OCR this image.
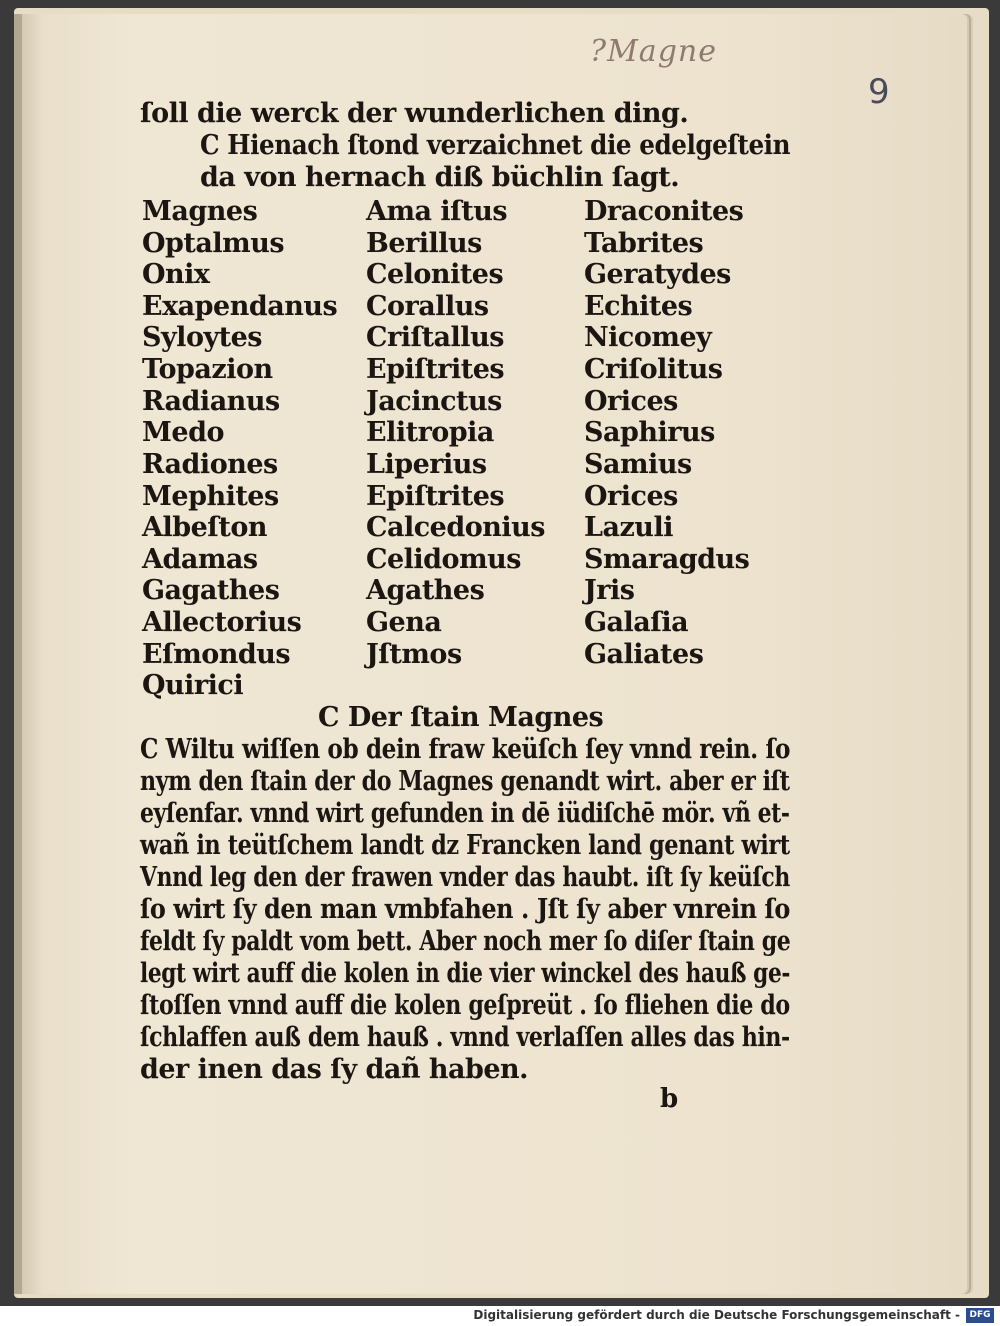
?Magne
9
ſoll die werck der wunderlichen ding.
C Hienach ſtond verzaichnet die edelgeſtein
da von hernach diß büchlin ſagt.
Magnes
Optalmus
Onix
Exapendanus
Syloytes
Topazion
Radianus
Medo
Radiones
Mephites
Albeſton
Adamas
Gagathes
Allectorius
Eſmondus
Quirici
Ama iſtus
Berillus
Celonites
Corallus
Criſtallus
Epiſtrites
Jacinctus
Elitropia
Liperius
Epiſtrites
Calcedonius
Celidomus
Agathes
Gena
Jſtmos
Draconites
Tabrites
Geratydes
Echites
Nicomey
Criſolitus
Orices
Saphirus
Samius
Orices
Lazuli
Smaragdus
Jris
Galaſia
Galiates
C Der ſtain Magnes
C Wiltu wiſſen ob dein fraw keüſch ſey vnnd rein. ſo
nym den ſtain der do Magnes genandt wirt. aber er iſt
eyſenfar. vnnd wirt gefunden in dē iüdiſchē mör. vñ et-
wañ in teütſchem landt dz Francken land genant wirt
Vnnd leg den der frawen vnder das haubt. iſt ſy keüſch
ſo wirt ſy den man vmbfahen . Jſt ſy aber vnrein ſo
feldt ſy paldt vom bett. Aber noch mer ſo diſer ſtain ge
legt wirt auff die kolen in die vier winckel des hauß ge-
ſtoſſen vnnd auff die kolen geſpreüt . ſo fliehen die do
ſchlaffen auß dem hauß . vnnd verlaſſen alles das hin-
der inen das ſy dañ haben.
b
Digitalisierung gefördert durch die Deutsche Forschungsgemeinschaft -	DFG
